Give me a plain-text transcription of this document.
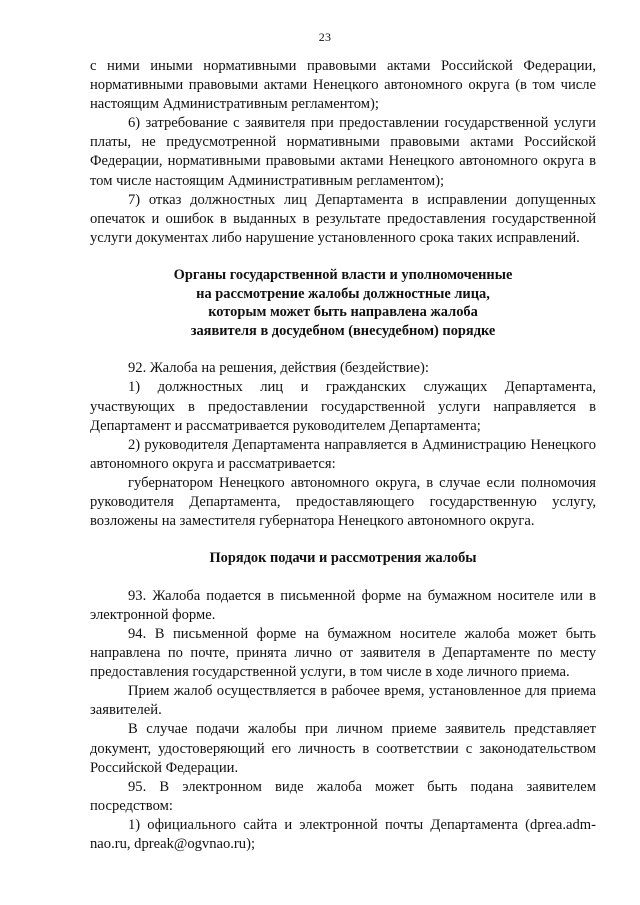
23

с ними иными нормативными правовыми актами Российской Федерации, нормативными правовыми актами Ненецкого автономного округа (в том числе настоящим Административным регламентом);

6) затребование с заявителя при предоставлении государственной услуги платы, не предусмотренной нормативными правовыми актами Российской Федерации, нормативными правовыми актами Ненецкого автономного округа в том числе настоящим Административным регламентом);

7) отказ должностных лиц Департамента в исправлении допущенных опечаток и ошибок в выданных в результате предоставления государственной услуги документах либо нарушение установленного срока таких исправлений.

Органы государственной власти и уполномоченные
на рассмотрение жалобы должностные лица,
которым может быть направлена жалоба
заявителя в досудебном (внесудебном) порядке

92. Жалоба на решения, действия (бездействие):

1) должностных лиц и гражданских служащих Департамента, участвующих в предоставлении государственной услуги направляется в Департамент и рассматривается руководителем Департамента;

2) руководителя Департамента направляется в Администрацию Ненецкого автономного округа и рассматривается:

губернатором Ненецкого автономного округа, в случае если полномочия руководителя Департамента, предоставляющего государственную услугу, возложены на заместителя губернатора Ненецкого автономного округа.

Порядок подачи и рассмотрения жалобы

93. Жалоба подается в письменной форме на бумажном носителе или в электронной форме.

94. В письменной форме на бумажном носителе жалоба может быть направлена по почте, принята лично от заявителя в Департаменте по месту предоставления государственной услуги, в том числе в ходе личного приема.

Прием жалоб осуществляется в рабочее время, установленное для приема заявителей.

В случае подачи жалобы при личном приеме заявитель представляет документ, удостоверяющий его личность в соответствии с законодательством Российской Федерации.

95. В электронном виде жалоба может быть подана заявителем посредством:

1) официального сайта и электронной почты Департамента (dprea.adm-nao.ru, dpreak@ogvnao.ru);
